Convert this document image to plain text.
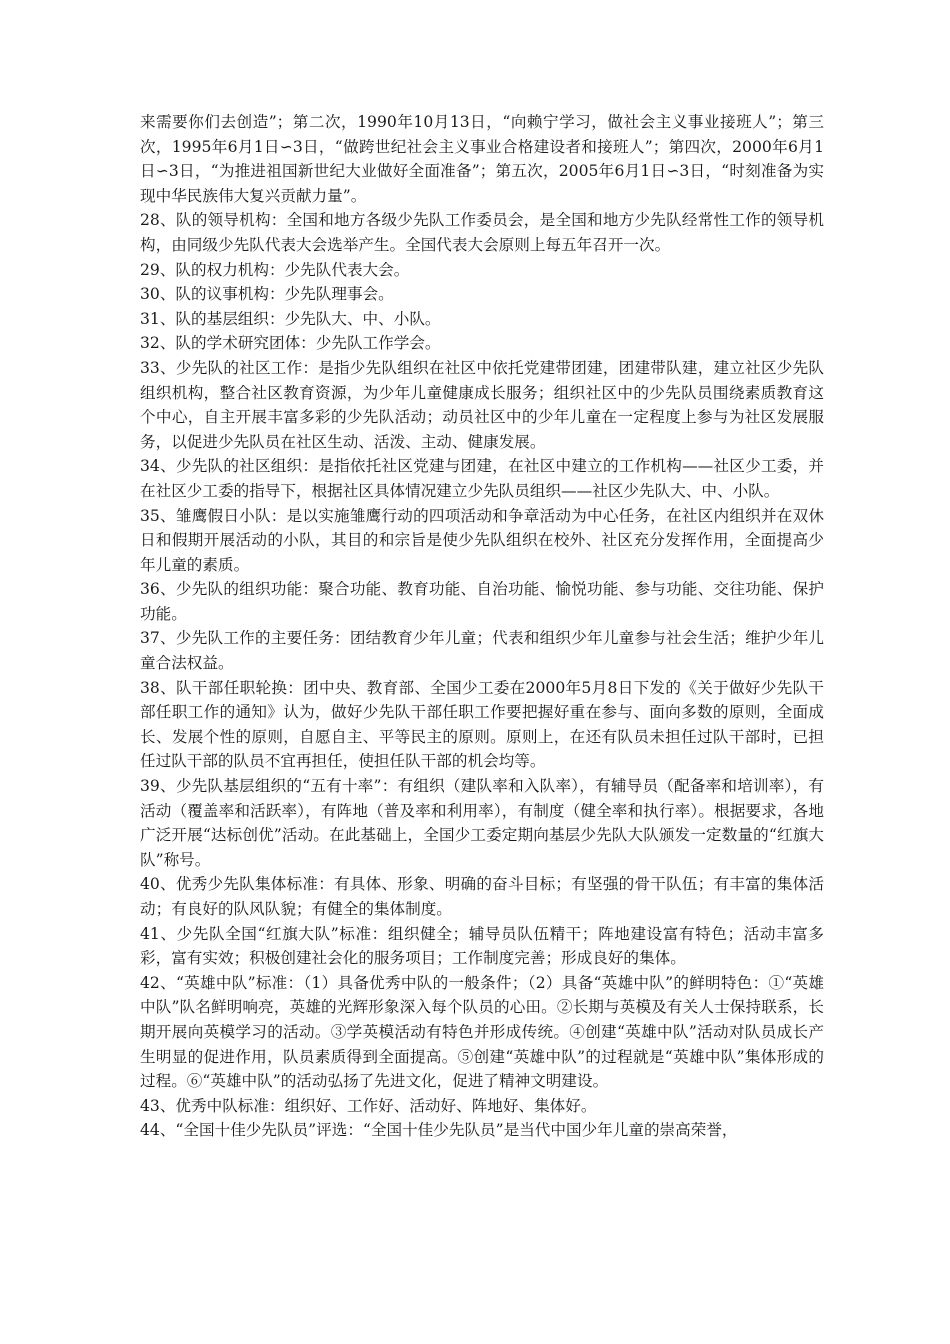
来需要你们去创造”；第二次，1990年10月13日，“向赖宁学习，做社会主义事业接班人”；第三次，1995年6月1日∽3日，“做跨世纪社会主义事业合格建设者和接班人”；第四次，2000年6月1日∽3日，“为推进祖国新世纪大业做好全面准备”；第五次，2005年6月1日∽3日，“时刻准备为实现中华民族伟大复兴贡献力量”。

28、队的领导机构：全国和地方各级少先队工作委员会，是全国和地方少先队经常性工作的领导机构，由同级少先队代表大会选举产生。全国代表大会原则上每五年召开一次。

29、队的权力机构：少先队代表大会。

30、队的议事机构：少先队理事会。

31、队的基层组织：少先队大、中、小队。

32、队的学术研究团体：少先队工作学会。

33、少先队的社区工作：是指少先队组织在社区中依托党建带团建，团建带队建，建立社区少先队组织机构，整合社区教育资源，为少年儿童健康成长服务；组织社区中的少先队员围绕素质教育这个中心，自主开展丰富多彩的少先队活动；动员社区中的少年儿童在一定程度上参与为社区发展服务，以促进少先队员在社区生动、活泼、主动、健康发展。

34、少先队的社区组织：是指依托社区党建与团建，在社区中建立的工作机构——社区少工委，并在社区少工委的指导下，根据社区具体情况建立少先队员组织——社区少先队大、中、小队。

35、雏鹰假日小队：是以实施雏鹰行动的四项活动和争章活动为中心任务，在社区内组织并在双休日和假期开展活动的小队，其目的和宗旨是使少先队组织在校外、社区充分发挥作用，全面提高少年儿童的素质。

36、少先队的组织功能：聚合功能、教育功能、自治功能、愉悦功能、参与功能、交往功能、保护功能。

37、少先队工作的主要任务：团结教育少年儿童；代表和组织少年儿童参与社会生活；维护少年儿童合法权益。

38、队干部任职轮换：团中央、教育部、全国少工委在2000年5月8日下发的《关于做好少先队干部任职工作的通知》认为，做好少先队干部任职工作要把握好重在参与、面向多数的原则，全面成长、发展个性的原则，自愿自主、平等民主的原则。原则上，在还有队员未担任过队干部时，已担任过队干部的队员不宜再担任，使担任队干部的机会均等。

39、少先队基层组织的“五有十率”：有组织（建队率和入队率），有辅导员（配备率和培训率），有活动（覆盖率和活跃率），有阵地（普及率和利用率），有制度（健全率和执行率）。根据要求，各地广泛开展“达标创优”活动。在此基础上，全国少工委定期向基层少先队大队颁发一定数量的“红旗大队”称号。

40、优秀少先队集体标准：有具体、形象、明确的奋斗目标；有坚强的骨干队伍；有丰富的集体活动；有良好的队风队貌；有健全的集体制度。

41、少先队全国“红旗大队”标准：组织健全；辅导员队伍精干；阵地建设富有特色；活动丰富多彩，富有实效；积极创建社会化的服务项目；工作制度完善；形成良好的集体。

42、“英雄中队”标准：（1）具备优秀中队的一般条件；（2）具备“英雄中队”的鲜明特色：①“英雄中队”队名鲜明响亮，英雄的光辉形象深入每个队员的心田。②长期与英模及有关人士保持联系，长期开展向英模学习的活动。③学英模活动有特色并形成传统。④创建“英雄中队”活动对队员成长产生明显的促进作用，队员素质得到全面提高。⑤创建“英雄中队”的过程就是“英雄中队”集体形成的过程。⑥“英雄中队”的活动弘扬了先进文化，促进了精神文明建设。

43、优秀中队标准：组织好、工作好、活动好、阵地好、集体好。

44、“全国十佳少先队员”评选：“全国十佳少先队员”是当代中国少年儿童的崇高荣誉，
